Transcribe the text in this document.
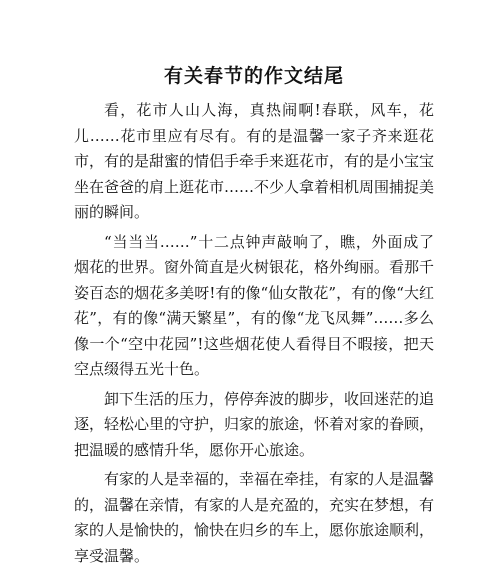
有关春节的作文结尾

看，花市人山人海，真热闹啊!春联，风车，花儿……花市里应有尽有。有的是温馨一家子齐来逛花市，有的是甜蜜的情侣手牵手来逛花市，有的是小宝宝坐在爸爸的肩上逛花市……不少人拿着相机周围捕捉美丽的瞬间。

“当当当……”十二点钟声敲响了，瞧，外面成了烟花的世界。窗外简直是火树银花，格外绚丽。看那千姿百态的烟花多美呀!有的像“仙女散花”，有的像“大红花”，有的像“满天繁星”，有的像“龙飞凤舞”……多么像一个“空中花园”!这些烟花使人看得目不暇接，把天空点缀得五光十色。

卸下生活的压力，停停奔波的脚步，收回迷茫的追逐，轻松心里的守护，归家的旅途，怀着对家的眷顾，把温暖的感情升华，愿你开心旅途。

有家的人是幸福的，幸福在牵挂，有家的人是温馨的，温馨在亲情，有家的人是充盈的，充实在梦想，有家的人是愉快的，愉快在归乡的车上，愿你旅途顺利，享受温馨。
